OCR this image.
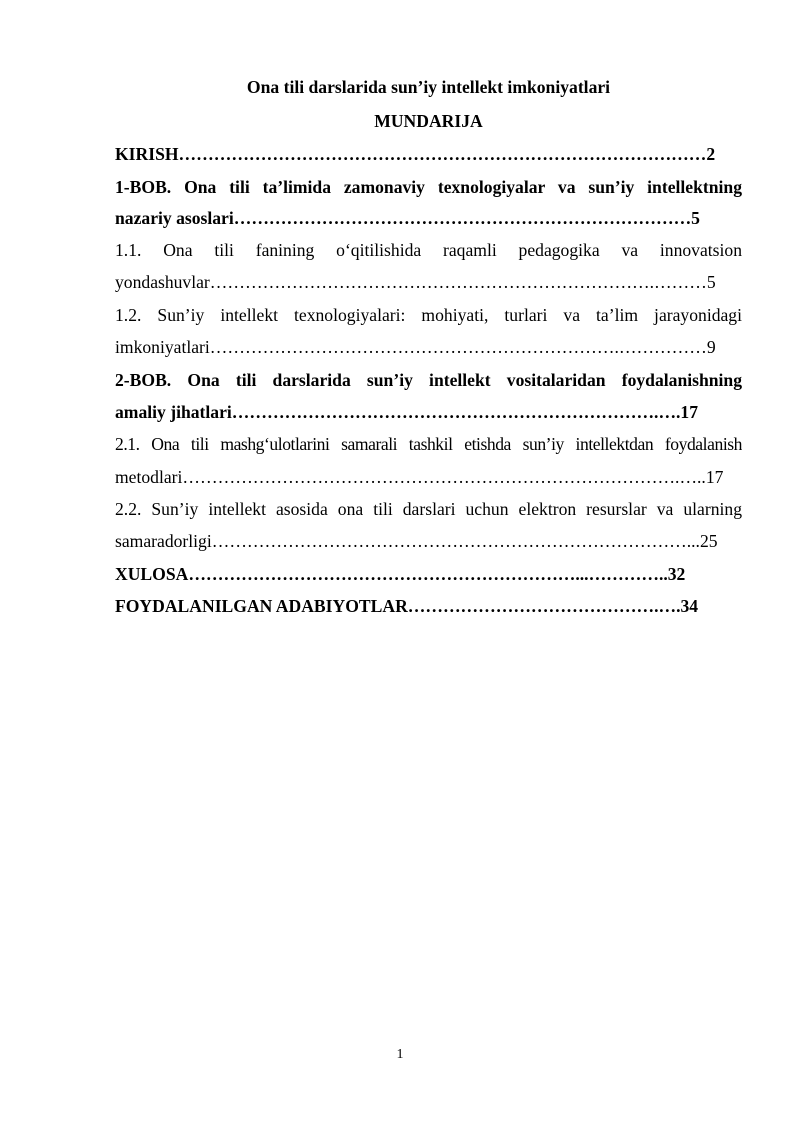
Ona tili darslarida sun’iy intellekt imkoniyatlari
MUNDARIJA
KIRISH………………………………………………………………………………2
1-BOB. Ona tili ta’limida zamonaviy texnologiyalar va sun’iy intellektning
nazariy asoslari……………………………………………………………………5
1.1. Ona tili fanining o‘qitilishida raqamli pedagogika va innovatsion
yondashuvlar………………………………………………………………….………5
1.2. Sun’iy intellekt texnologiyalari: mohiyati, turlari va ta’lim jarayonidagi
imkoniyatlari…………………………………………………………….……………9
2-BOB. Ona tili darslarida sun’iy intellekt vositalaridan foydalanishning
amaliy jihatlari……………………………………………………………….….17
2.1. Ona tili mashg‘ulotlarini samarali tashkil etishda sun’iy intellektdan foydalanish
metodlari………………………………………………………………………….…..17
2.2. Sun’iy intellekt asosida ona tili darslari uchun elektron resurslar va ularning
samaradorligi………………………………………………………………………...25
XULOSA…………………………………………………………...…………..32
FOYDALANILGAN ADABIYOTLAR…………………………………….….34
1
